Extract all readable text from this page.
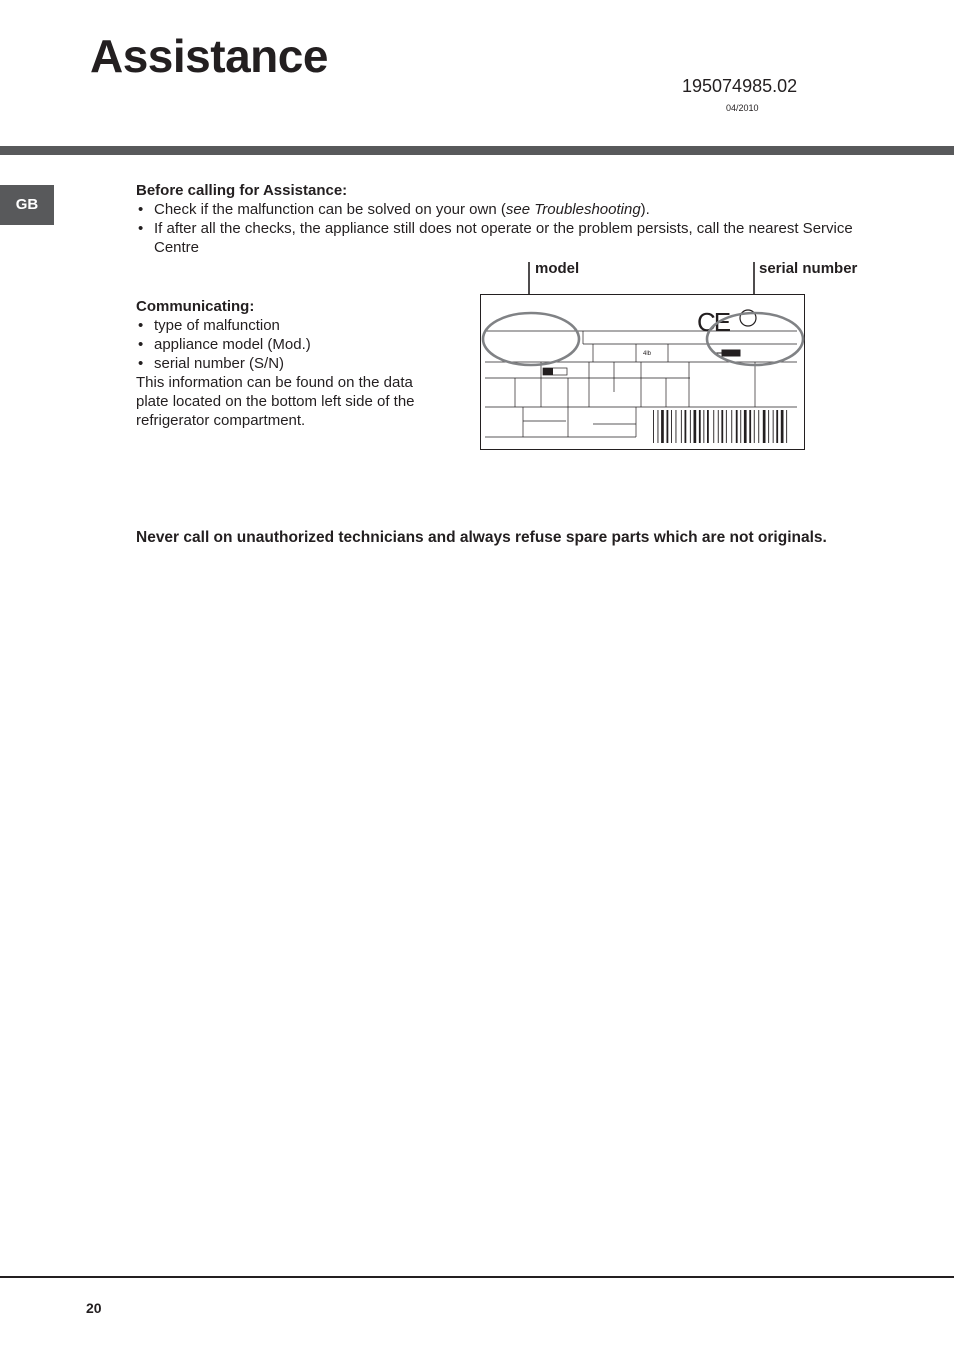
Assistance
195074985.02
04/2010
GB
Before calling for Assistance:
• Check if the malfunction can be solved on your own (see Troubleshooting).
• If after all the checks, the appliance still does not operate or the problem persists, call the nearest Service Centre
Communicating:
• type of malfunction
• appliance model (Mod.)
• serial number (S/N)
This information can be found on the data plate located on the bottom left side of the refrigerator compartment.
model	serial number
4lb
CE
Never call on unauthorized technicians and always refuse spare parts which are not originals.
20
